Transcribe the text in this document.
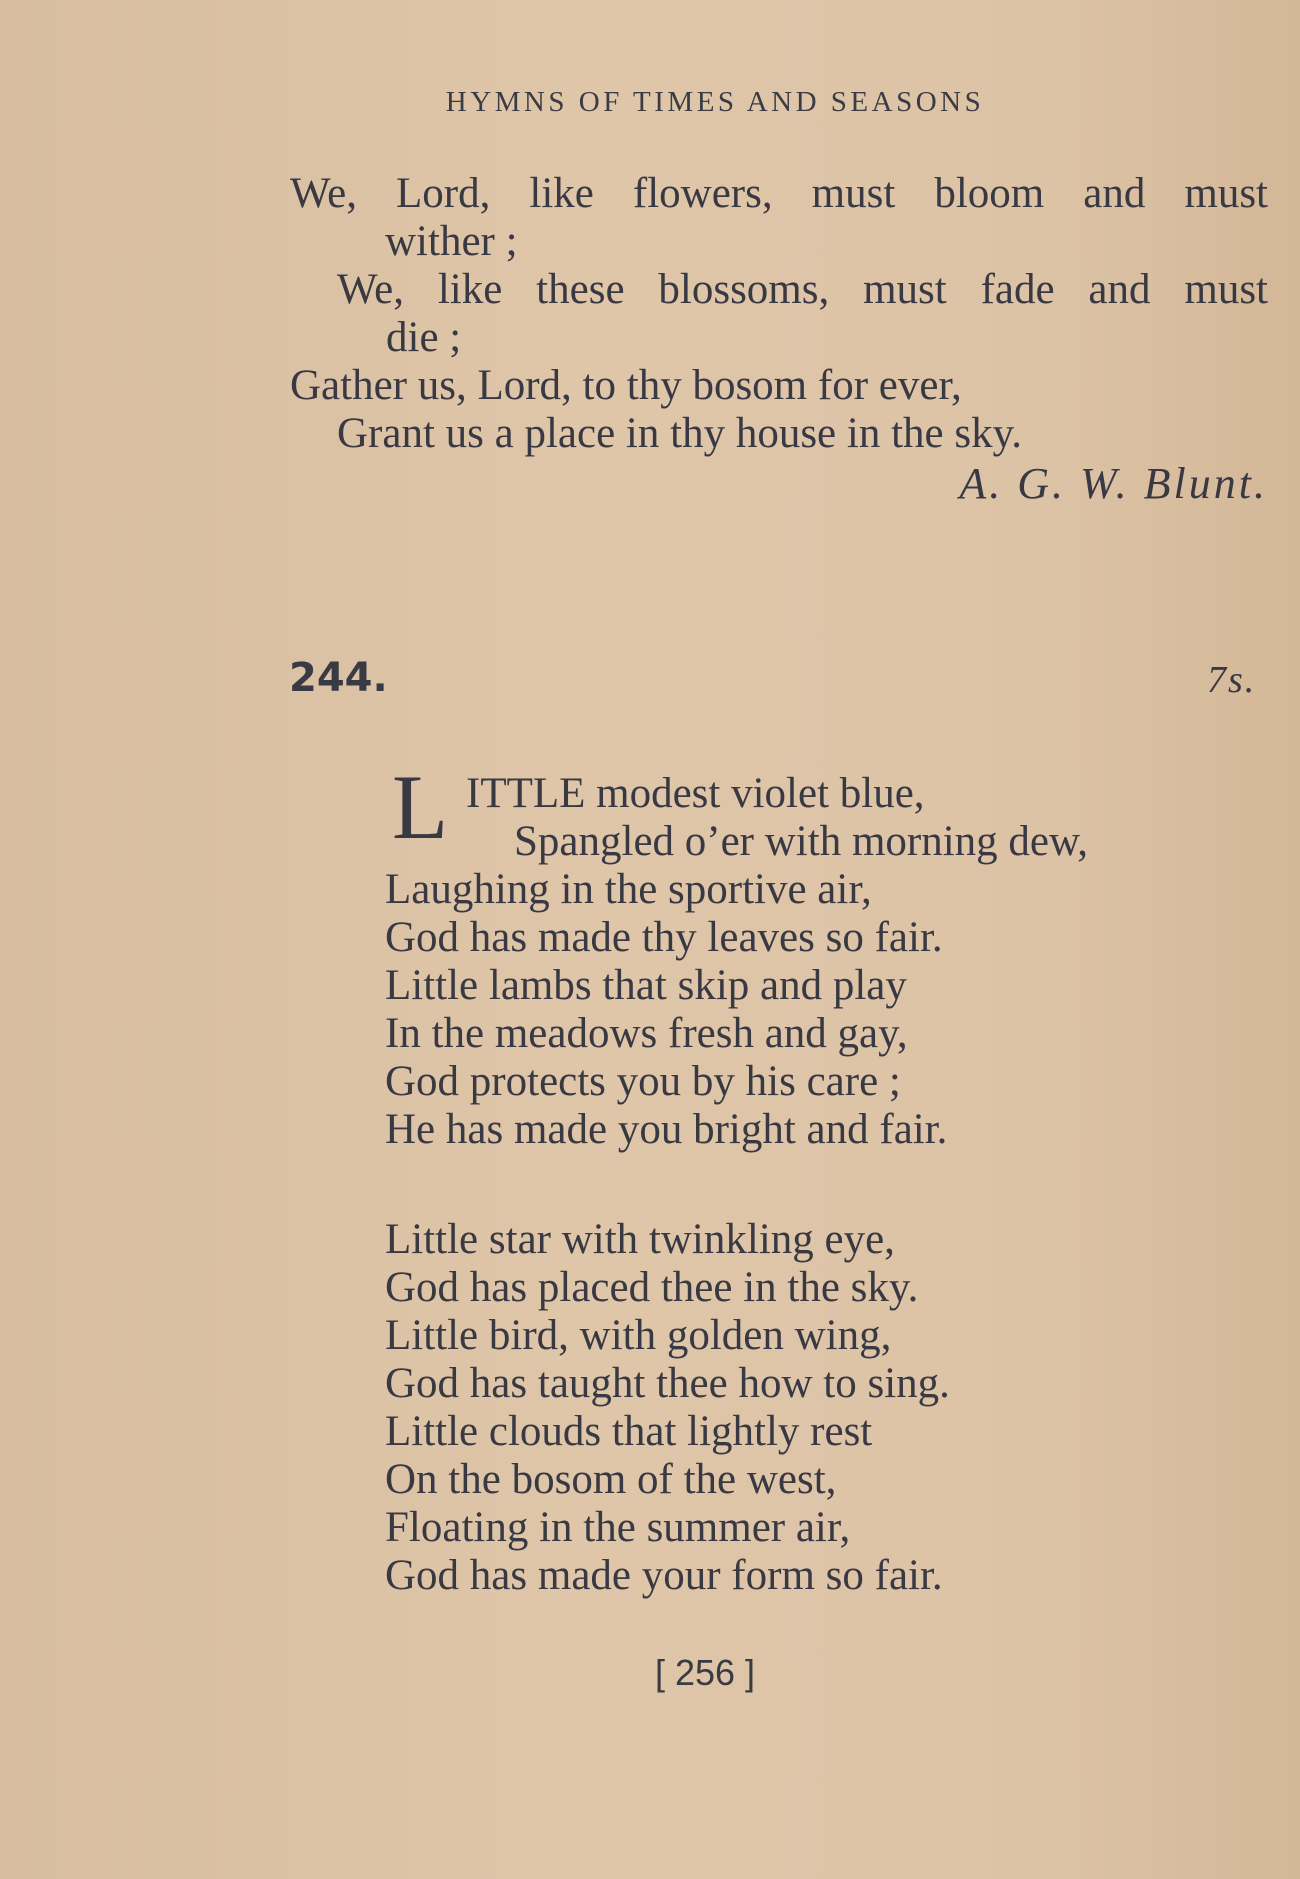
HYMNS OF TIMES AND SEASONS
We, Lord, like flowers, must bloom and must
wither ;
We, like these blossoms, must fade and must
die ;
Gather us, Lord, to thy bosom for ever,
Grant us a place in thy house in the sky.
A. G. W. Blunt.
244.	7s.
L ITTLE modest violet blue,
Spangled o’er with morning dew,
Laughing in the sportive air,
God has made thy leaves so fair.
Little lambs that skip and play
In the meadows fresh and gay,
God protects you by his care ;
He has made you bright and fair.
Little star with twinkling eye,
God has placed thee in the sky.
Little bird, with golden wing,
God has taught thee how to sing.
Little clouds that lightly rest
On the bosom of the west,
Floating in the summer air,
God has made your form so fair.
[ 256 ]
